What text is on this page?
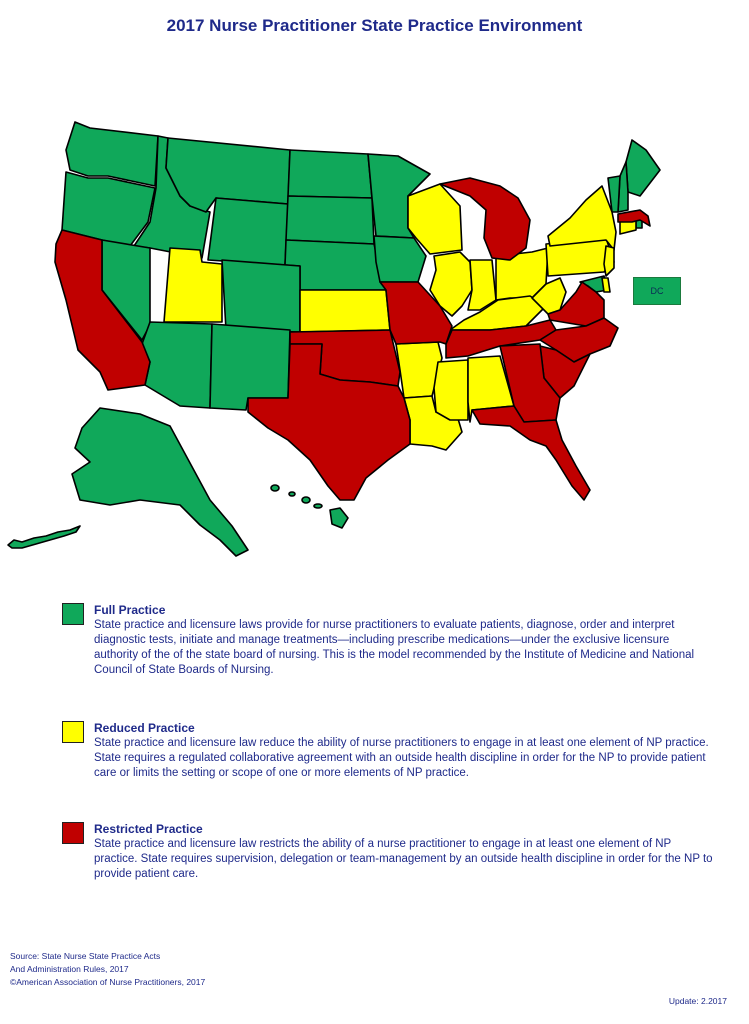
2017 Nurse Practitioner State Practice Environment
DC
Full Practice
State practice and licensure laws provide for nurse practitioners to evaluate patients, diagnose, order and interpret diagnostic tests, initiate and manage treatments—including prescribe medications—under the exclusive licensure authority of the of the state board of nursing. This is the model recommended by the Institute of Medicine and National Council of State Boards of Nursing.
Reduced Practice
State practice and licensure law reduce the ability of nurse practitioners to engage in at least one element of NP practice. State requires a regulated collaborative agreement with an outside health discipline in order for the NP to provide patient care or limits the setting or scope of one or more elements of NP practice.
Restricted Practice
State practice and licensure law restricts the ability of a nurse practitioner to engage in at least one element of NP practice. State requires supervision, delegation or team-management by an outside health discipline in order for the NP to provide patient care.
Source: State Nurse State Practice Acts
And Administration Rules, 2017
©American Association of Nurse Practitioners, 2017
Update: 2.2017
